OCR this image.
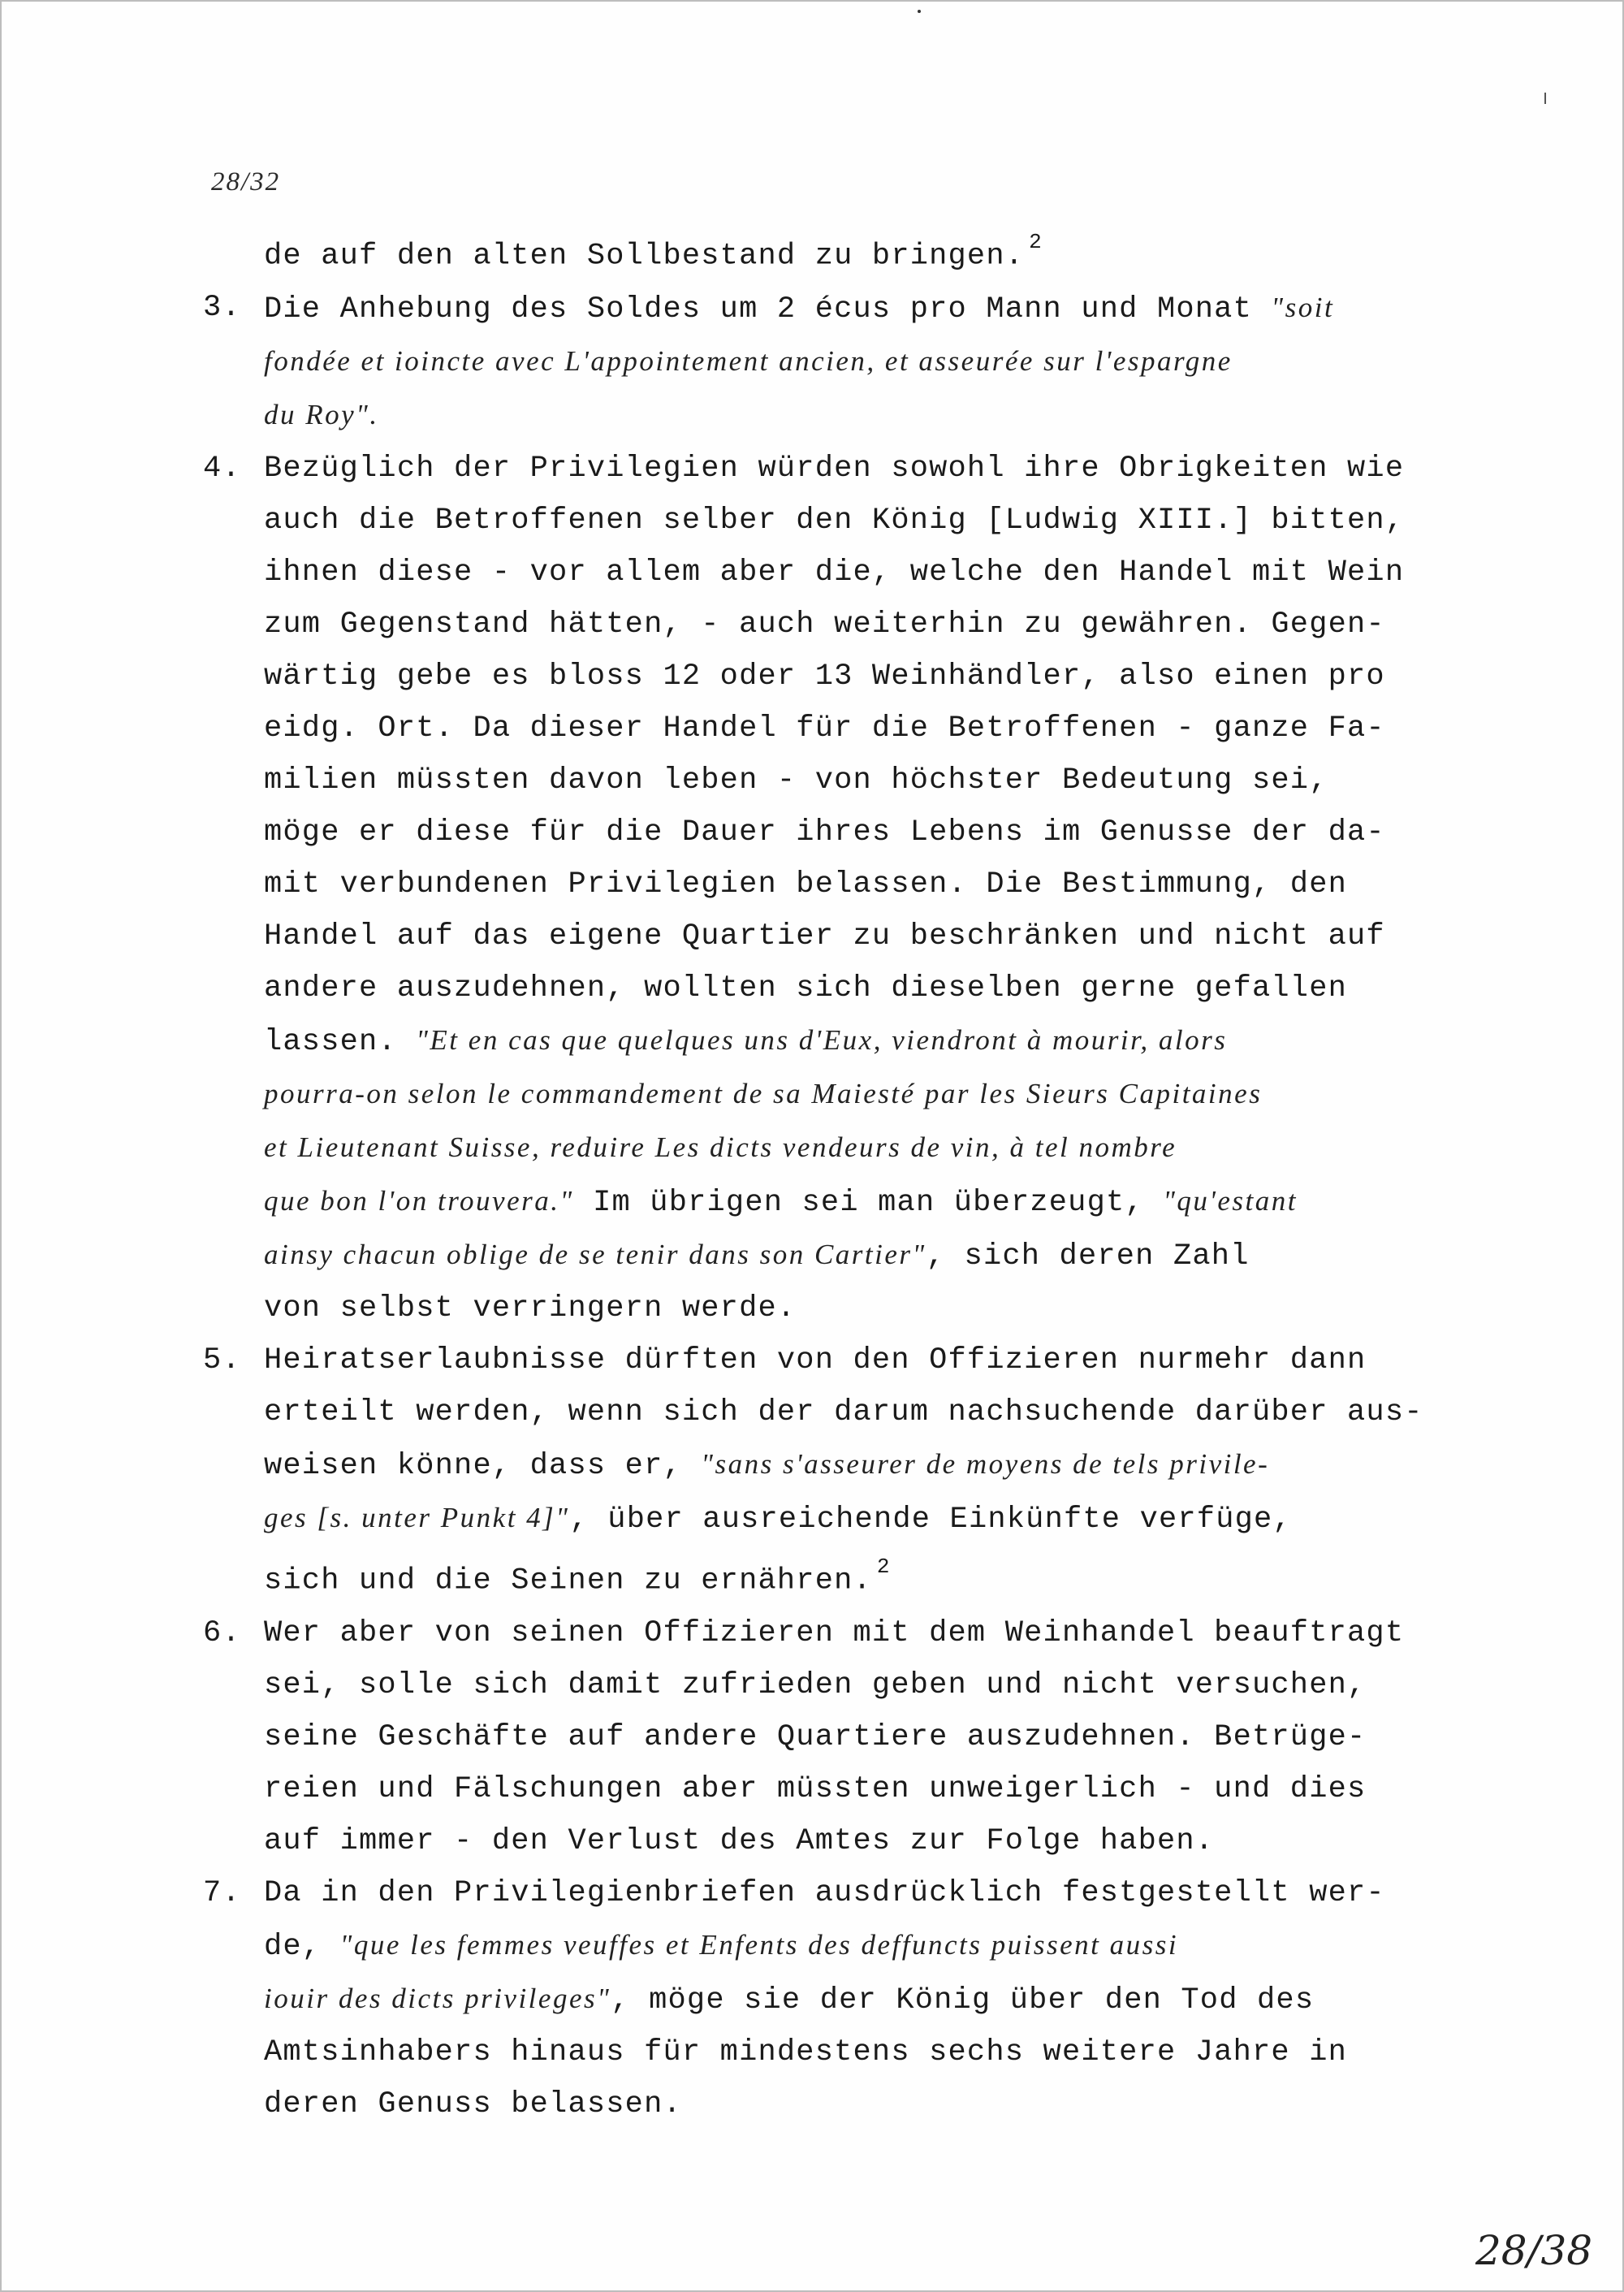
28/32
de auf den alten Sollbestand zu bringen. $^2$
3. Die Anhebung des Soldes um 2 écus pro Mann und Monat "soit
fondée et ioincte avec L'appointement ancien, et asseurée sur l'espargne
du Roy".
4. Bezüglich der Privilegien würden sowohl ihre Obrigkeiten wie
auch die Betroffenen selber den König [Ludwig XIII.] bitten,
ihnen diese - vor allem aber die, welche den Handel mit Wein
zum Gegenstand hätten, - auch weiterhin zu gewähren. Gegen-
wärtig gebe es bloss 12 oder 13 Weinhändler, also einen pro
eidg. Ort. Da dieser Handel für die Betroffenen - ganze Fa-
milien müssten davon leben - von höchster Bedeutung sei,
möge er diese für die Dauer ihres Lebens im Genusse der da-
mit verbundenen Privilegien belassen. Die Bestimmung, den
Handel auf das eigene Quartier zu beschränken und nicht auf
andere auszudehnen, wollten sich dieselben gerne gefallen
lassen. "Et en cas que quelques uns d'Eux, viendront à mourir, alors
pourra-on selon le commandement de sa Maiesté par les Sieurs Capitaines
et Lieutenant Suisse, reduire Les dicts vendeurs de vin, à tel nombre
que bon l'on trouvera." Im übrigen sei man überzeugt, "qu'estant
ainsy chacun oblige de se tenir dans son Cartier", sich deren Zahl
von selbst verringern werde.
5. Heiratserlaubnisse dürften von den Offizieren nurmehr dann
erteilt werden, wenn sich der darum nachsuchende darüber aus-
weisen könne, dass er, "sans s'asseurer de moyens de tels privile-
ges [s. unter Punkt 4]", über ausreichende Einkünfte verfüge,
sich und die Seinen zu ernähren. $^2$
6. Wer aber von seinen Offizieren mit dem Weinhandel beauftragt
sei, solle sich damit zufrieden geben und nicht versuchen,
seine Geschäfte auf andere Quartiere auszudehnen. Betrüge-
reien und Fälschungen aber müssten unweigerlich - und dies
auf immer - den Verlust des Amtes zur Folge haben.
7. Da in den Privilegienbriefen ausdrücklich festgestellt wer-
de, "que les femmes veuffes et Enfents des deffuncts puissent aussi
iouir des dicts privileges", möge sie der König über den Tod des
Amtsinhabers hinaus für mindestens sechs weitere Jahre in
deren Genuss belassen.
28/38
